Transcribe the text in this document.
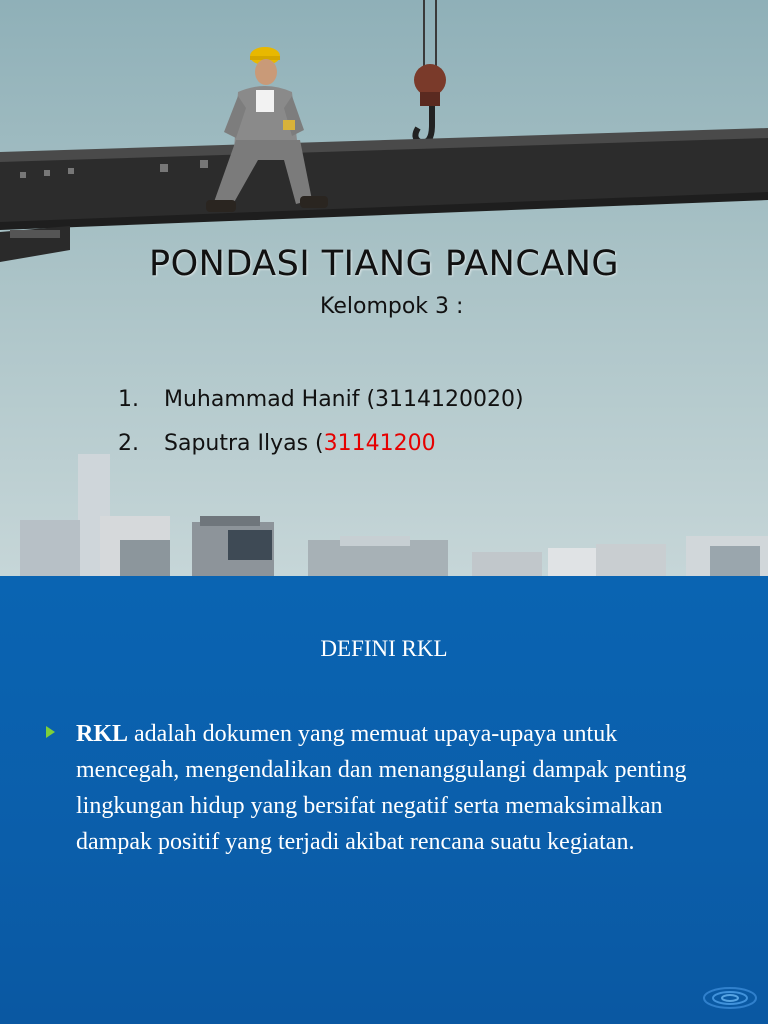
PONDASI TIANG PANCANG
Kelompok 3 :
1. Muhammad Hanif (3114120020)
2. Saputra Ilyas (31141200
DEFINI RKL
RKL adalah dokumen yang memuat upaya-upaya untuk mencegah, mengendalikan dan menanggulangi dampak penting lingkungan hidup yang bersifat negatif serta memaksimalkan dampak positif yang terjadi akibat rencana suatu kegiatan.
